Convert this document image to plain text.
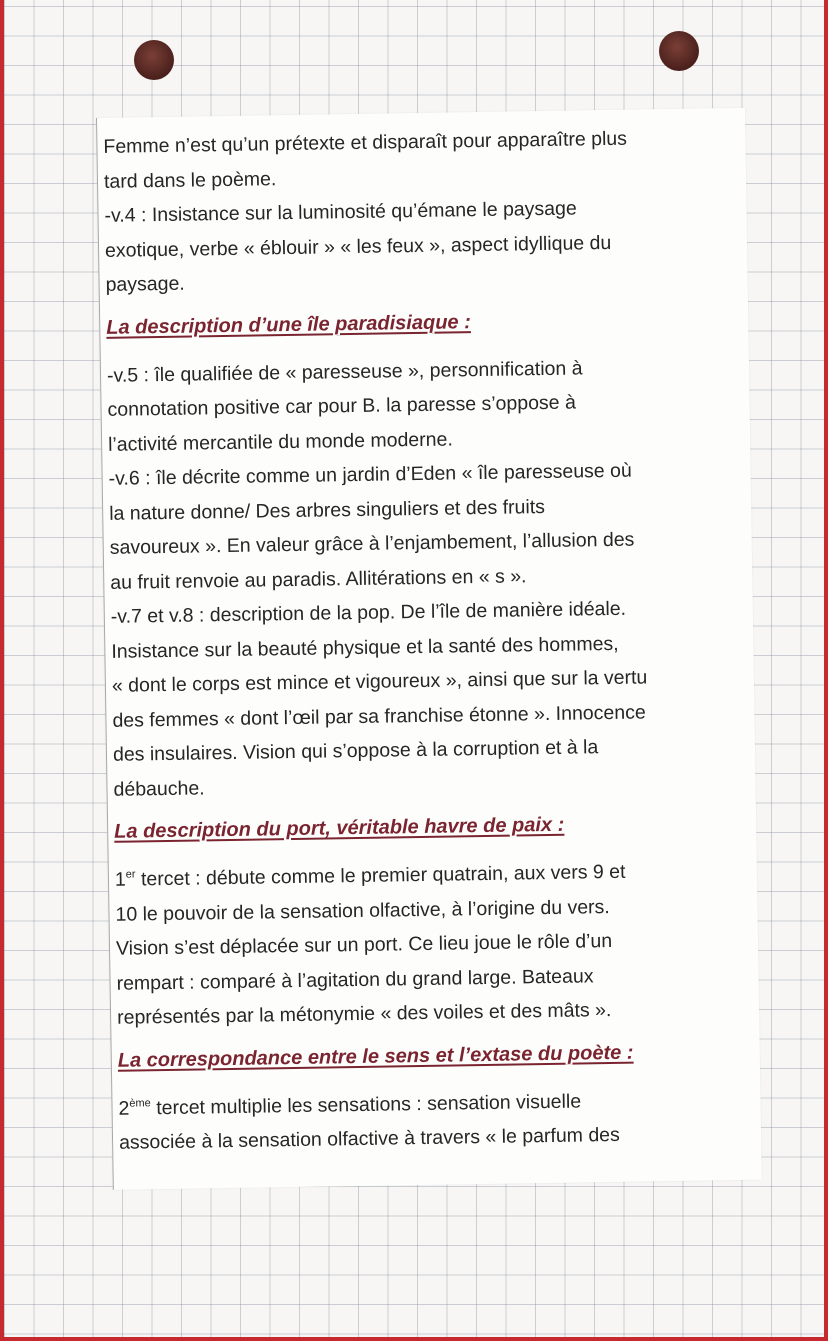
Femme n’est qu’un prétexte et disparaît pour apparaître plus

tard dans le poème.

-v.4 : Insistance sur la luminosité qu’émane le paysage

exotique, verbe « éblouir » « les feux », aspect idyllique du

paysage.

La description d’une île paradisiaque :

-v.5 : île qualifiée de « paresseuse », personnification à

connotation positive car pour B. la paresse s’oppose à

l’activité mercantile du monde moderne.

-v.6 : île décrite comme un jardin d’Eden « île paresseuse où

la nature donne/ Des arbres singuliers et des fruits

savoureux ». En valeur grâce à l’enjambement, l’allusion des

au fruit renvoie au paradis. Allitérations en « s ».

-v.7 et v.8 : description de la pop. De l’île de manière idéale.

Insistance sur la beauté physique et la santé des hommes,

« dont le corps est mince et vigoureux », ainsi que sur la vertu

des femmes « dont l’œil par sa franchise étonne ». Innocence

des insulaires. Vision qui s’oppose à la corruption et à la

débauche.

La description du port, véritable havre de paix :

1er tercet : débute comme le premier quatrain, aux vers 9 et

10 le pouvoir de la sensation olfactive, à l’origine du vers.

Vision s’est déplacée sur un port. Ce lieu joue le rôle d’un

rempart : comparé à l’agitation du grand large. Bateaux

représentés par la métonymie « des voiles et des mâts ».

La correspondance entre le sens et l’extase du poète :

2ème tercet multiplie les sensations : sensation visuelle

associée à la sensation olfactive à travers « le parfum des
